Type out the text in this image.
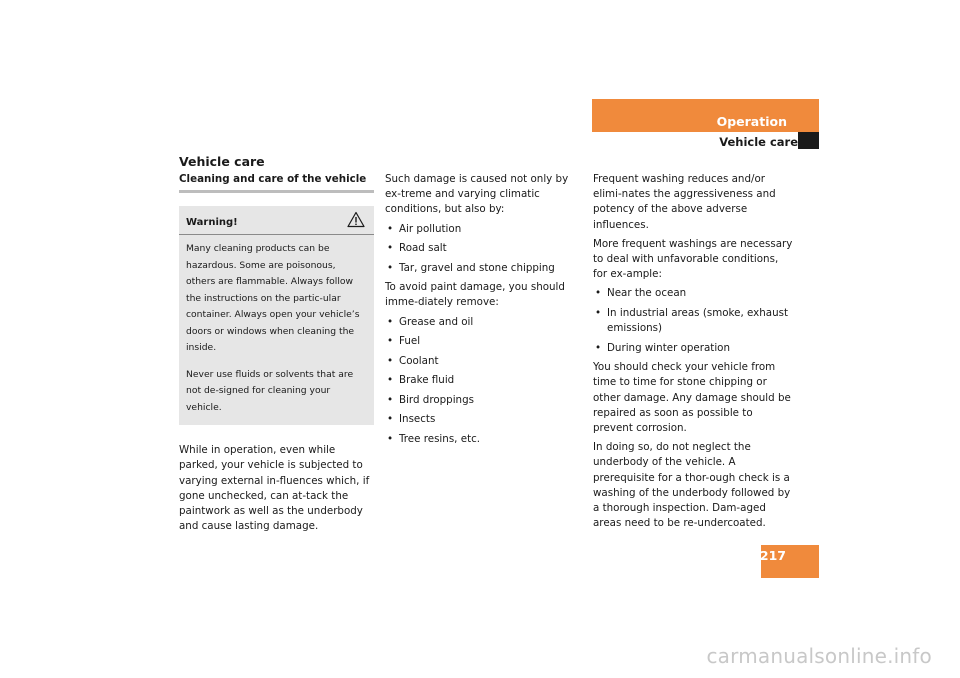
Operation
Vehicle care
Vehicle care
Cleaning and care of the vehicle
Warning!

Many cleaning products can be hazardous. Some are poisonous, others are flammable. Always follow the instructions on the partic-ular container. Always open your vehicle’s doors or windows when cleaning the inside.

Never use fluids or solvents that are not de-signed for cleaning your vehicle.

While in operation, even while parked, your vehicle is subjected to varying external in-fluences which, if gone unchecked, can at-tack the paintwork as well as the underbody and cause lasting damage.

Such damage is caused not only by ex-treme and varying climatic conditions, but also by:

• Air pollution
• Road salt
• Tar, gravel and stone chipping

To avoid paint damage, you should imme-diately remove:

• Grease and oil
• Fuel
• Coolant
• Brake fluid
• Bird droppings
• Insects
• Tree resins, etc.

Frequent washing reduces and/or elimi-nates the aggressiveness and potency of the above adverse influences.

More frequent washings are necessary to deal with unfavorable conditions, for ex-ample:

• Near the ocean
• In industrial areas (smoke, exhaust emissions)
• During winter operation

You should check your vehicle from time to time for stone chipping or other damage. Any damage should be repaired as soon as possible to prevent corrosion.

In doing so, do not neglect the underbody of the vehicle. A prerequisite for a thor-ough check is a washing of the underbody followed by a thorough inspection. Dam-aged areas need to be re-undercoated.

217
carmanualsonline.info
